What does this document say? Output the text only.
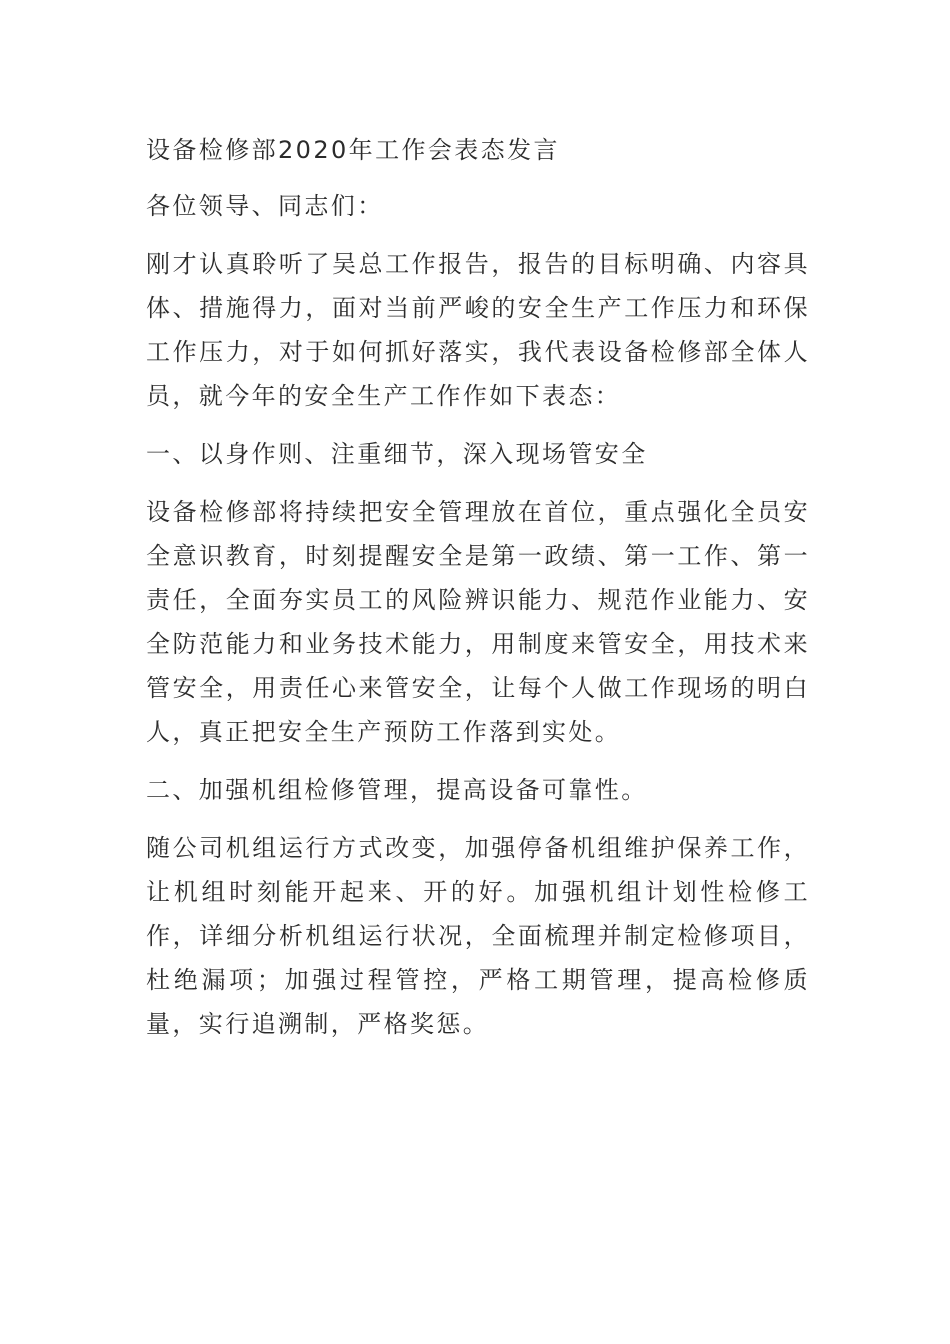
设备检修部2020年工作会表态发言

各位领导、同志们：

刚才认真聆听了吴总工作报告，报告的目标明确、内容具体、措施得力，面对当前严峻的安全生产工作压力和环保工作压力，对于如何抓好落实，我代表设备检修部全体人员，就今年的安全生产工作作如下表态：

一、以身作则、注重细节，深入现场管安全

设备检修部将持续把安全管理放在首位，重点强化全员安全意识教育，时刻提醒安全是第一政绩、第一工作、第一责任，全面夯实员工的风险辨识能力、规范作业能力、安全防范能力和业务技术能力，用制度来管安全，用技术来管安全，用责任心来管安全，让每个人做工作现场的明白人，真正把安全生产预防工作落到实处。

二、加强机组检修管理，提高设备可靠性。

随公司机组运行方式改变，加强停备机组维护保养工作，让机组时刻能开起来、开的好。加强机组计划性检修工作，详细分析机组运行状况，全面梳理并制定检修项目，杜绝漏项；加强过程管控，严格工期管理，提高检修质量，实行追溯制，严格奖惩。
